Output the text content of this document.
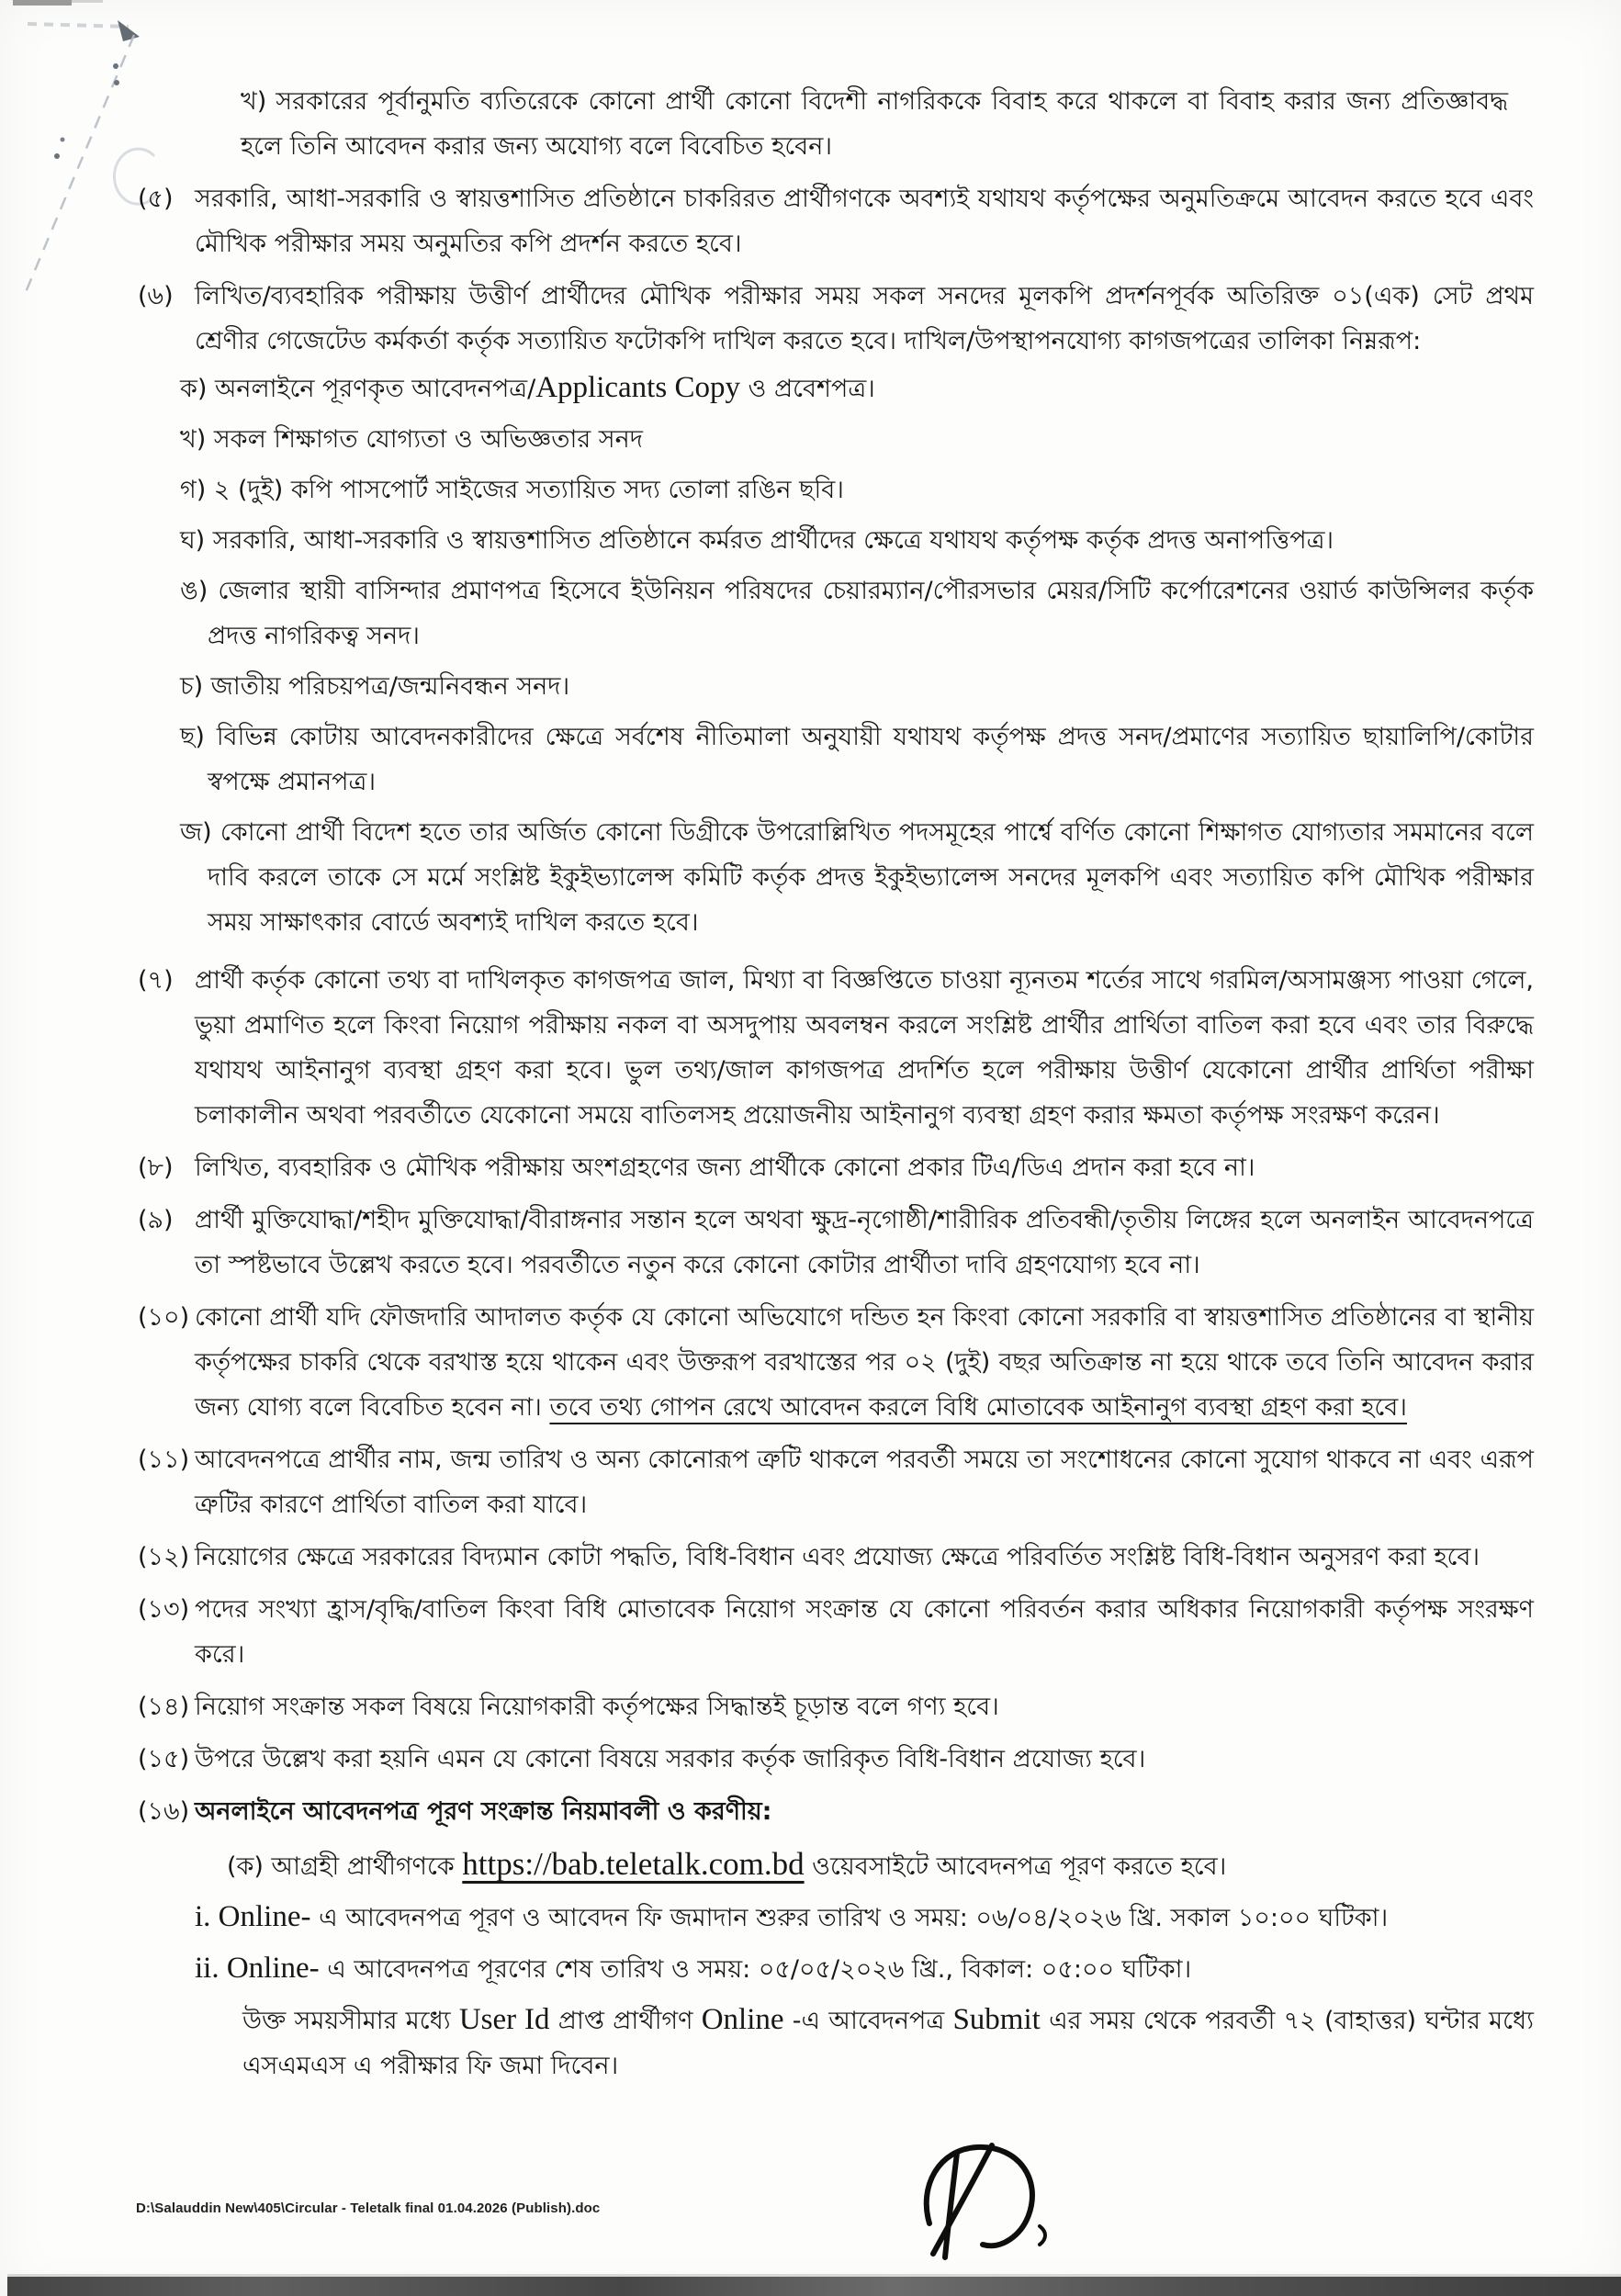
খ) সরকারের পূর্বানুমতি ব্যতিরেকে কোনো প্রার্থী কোনো বিদেশী নাগরিককে বিবাহ করে থাকলে বা বিবাহ করার জন্য প্রতিজ্ঞাবদ্ধ হলে তিনি আবেদন করার জন্য অযোগ্য বলে বিবেচিত হবেন।
(৫) সরকারি, আধা-সরকারি ও স্বায়ত্তশাসিত প্রতিষ্ঠানে চাকরিরত প্রার্থীগণকে অবশ্যই যথাযথ কর্তৃপক্ষের অনুমতিক্রমে আবেদন করতে হবে এবং মৌখিক পরীক্ষার সময় অনুমতির কপি প্রদর্শন করতে হবে।
(৬) লিখিত/ব্যবহারিক পরীক্ষায় উত্তীর্ণ প্রার্থীদের মৌখিক পরীক্ষার সময় সকল সনদের মূলকপি প্রদর্শনপূর্বক অতিরিক্ত ০১(এক) সেট প্রথম শ্রেণীর গেজেটেড কর্মকর্তা কর্তৃক সত্যায়িত ফটোকপি দাখিল করতে হবে। দাখিল/উপস্থাপনযোগ্য কাগজপত্রের তালিকা নিম্নরূপ:
ক) অনলাইনে পূরণকৃত আবেদনপত্র/Applicants Copy ও প্রবেশপত্র।
খ) সকল শিক্ষাগত যোগ্যতা ও অভিজ্ঞতার সনদ
গ) ২ (দুই) কপি পাসপোর্ট সাইজের সত্যায়িত সদ্য তোলা রঙিন ছবি।
ঘ) সরকারি, আধা-সরকারি ও স্বায়ত্তশাসিত প্রতিষ্ঠানে কর্মরত প্রার্থীদের ক্ষেত্রে যথাযথ কর্তৃপক্ষ কর্তৃক প্রদত্ত অনাপত্তিপত্র।
ঙ) জেলার স্থায়ী বাসিন্দার প্রমাণপত্র হিসেবে ইউনিয়ন পরিষদের চেয়ারম্যান/পৌরসভার মেয়র/সিটি কর্পোরেশনের ওয়ার্ড কাউন্সিলর কর্তৃক প্রদত্ত নাগরিকত্ব সনদ।
চ) জাতীয় পরিচয়পত্র/জন্মনিবন্ধন সনদ।
ছ) বিভিন্ন কোটায় আবেদনকারীদের ক্ষেত্রে সর্বশেষ নীতিমালা অনুযায়ী যথাযথ কর্তৃপক্ষ প্রদত্ত সনদ/প্রমাণের সত্যায়িত ছায়ালিপি/কোটার স্বপক্ষে প্রমানপত্র।
জ) কোনো প্রার্থী বিদেশ হতে তার অর্জিত কোনো ডিগ্রীকে উপরোল্লিখিত পদসমূহের পার্শ্বে বর্ণিত কোনো শিক্ষাগত যোগ্যতার সমমানের বলে দাবি করলে তাকে সে মর্মে সংশ্লিষ্ট ইকুইভ্যালেন্স কমিটি কর্তৃক প্রদত্ত ইকুইভ্যালেন্স সনদের মূলকপি এবং সত্যায়িত কপি মৌখিক পরীক্ষার সময় সাক্ষাৎকার বোর্ডে অবশ্যই দাখিল করতে হবে।
(৭) প্রার্থী কর্তৃক কোনো তথ্য বা দাখিলকৃত কাগজপত্র জাল, মিথ্যা বা বিজ্ঞপ্তিতে চাওয়া ন্যূনতম শর্তের সাথে গরমিল/অসামঞ্জস্য পাওয়া গেলে, ভুয়া প্রমাণিত হলে কিংবা নিয়োগ পরীক্ষায় নকল বা অসদুপায় অবলম্বন করলে সংশ্লিষ্ট প্রার্থীর প্রার্থিতা বাতিল করা হবে এবং তার বিরুদ্ধে যথাযথ আইনানুগ ব্যবস্থা গ্রহণ করা হবে। ভুল তথ্য/জাল কাগজপত্র প্রদর্শিত হলে পরীক্ষায় উত্তীর্ণ যেকোনো প্রার্থীর প্রার্থিতা পরীক্ষা চলাকালীন অথবা পরবর্তীতে যেকোনো সময়ে বাতিলসহ প্রয়োজনীয় আইনানুগ ব্যবস্থা গ্রহণ করার ক্ষমতা কর্তৃপক্ষ সংরক্ষণ করেন।
(৮) লিখিত, ব্যবহারিক ও মৌখিক পরীক্ষায় অংশগ্রহণের জন্য প্রার্থীকে কোনো প্রকার টিএ/ডিএ প্রদান করা হবে না।
(৯) প্রার্থী মুক্তিযোদ্ধা/শহীদ মুক্তিযোদ্ধা/বীরাঙ্গনার সন্তান হলে অথবা ক্ষুদ্র-নৃগোষ্ঠী/শারীরিক প্রতিবন্ধী/তৃতীয় লিঙ্গের হলে অনলাইন আবেদনপত্রে তা স্পষ্টভাবে উল্লেখ করতে হবে। পরবর্তীতে নতুন করে কোনো কোটার প্রার্থীতা দাবি গ্রহণযোগ্য হবে না।
(১০) কোনো প্রার্থী যদি ফৌজদারি আদালত কর্তৃক যে কোনো অভিযোগে দন্ডিত হন কিংবা কোনো সরকারি বা স্বায়ত্তশাসিত প্রতিষ্ঠানের বা স্থানীয় কর্তৃপক্ষের চাকরি থেকে বরখাস্ত হয়ে থাকেন এবং উক্তরূপ বরখাস্তের পর ০২ (দুই) বছর অতিক্রান্ত না হয়ে থাকে তবে তিনি আবেদন করার জন্য যোগ্য বলে বিবেচিত হবেন না। তবে তথ্য গোপন রেখে আবেদন করলে বিধি মোতাবেক আইনানুগ ব্যবস্থা গ্রহণ করা হবে।
(১১) আবেদনপত্রে প্রার্থীর নাম, জন্ম তারিখ ও অন্য কোনোরূপ ত্রুটি থাকলে পরবর্তী সময়ে তা সংশোধনের কোনো সুযোগ থাকবে না এবং এরূপ ত্রুটির কারণে প্রার্থিতা বাতিল করা যাবে।
(১২) নিয়োগের ক্ষেত্রে সরকারের বিদ্যমান কোটা পদ্ধতি, বিধি-বিধান এবং প্রযোজ্য ক্ষেত্রে পরিবর্তিত সংশ্লিষ্ট বিধি-বিধান অনুসরণ করা হবে।
(১৩) পদের সংখ্যা হ্রাস/বৃদ্ধি/বাতিল কিংবা বিধি মোতাবেক নিয়োগ সংক্রান্ত যে কোনো পরিবর্তন করার অধিকার নিয়োগকারী কর্তৃপক্ষ সংরক্ষণ করে।
(১৪) নিয়োগ সংক্রান্ত সকল বিষয়ে নিয়োগকারী কর্তৃপক্ষের সিদ্ধান্তই চূড়ান্ত বলে গণ্য হবে।
(১৫) উপরে উল্লেখ করা হয়নি এমন যে কোনো বিষয়ে সরকার কর্তৃক জারিকৃত বিধি-বিধান প্রযোজ্য হবে।
(১৬) অনলাইনে আবেদনপত্র পূরণ সংক্রান্ত নিয়মাবলী ও করণীয়:
(ক) আগ্রহী প্রার্থীগণকে https://bab.teletalk.com.bd ওয়েবসাইটে আবেদনপত্র পূরণ করতে হবে।
i. Online- এ আবেদনপত্র পূরণ ও আবেদন ফি জমাদান শুরুর তারিখ ও সময়: ০৬/০৪/২০২৬ খ্রি. সকাল ১০:০০ ঘটিকা।
ii. Online- এ আবেদনপত্র পূরণের শেষ তারিখ ও সময়: ০৫/০৫/২০২৬ খ্রি., বিকাল: ০৫:০০ ঘটিকা।
উক্ত সময়সীমার মধ্যে User Id প্রাপ্ত প্রার্থীগণ Online -এ আবেদনপত্র Submit এর সময় থেকে পরবর্তী ৭২ (বাহাত্তর) ঘন্টার মধ্যে এসএমএস এ পরীক্ষার ফি জমা দিবেন।
D:\Salauddin New\405\Circular - Teletalk final 01.04.2026 (Publish).doc
